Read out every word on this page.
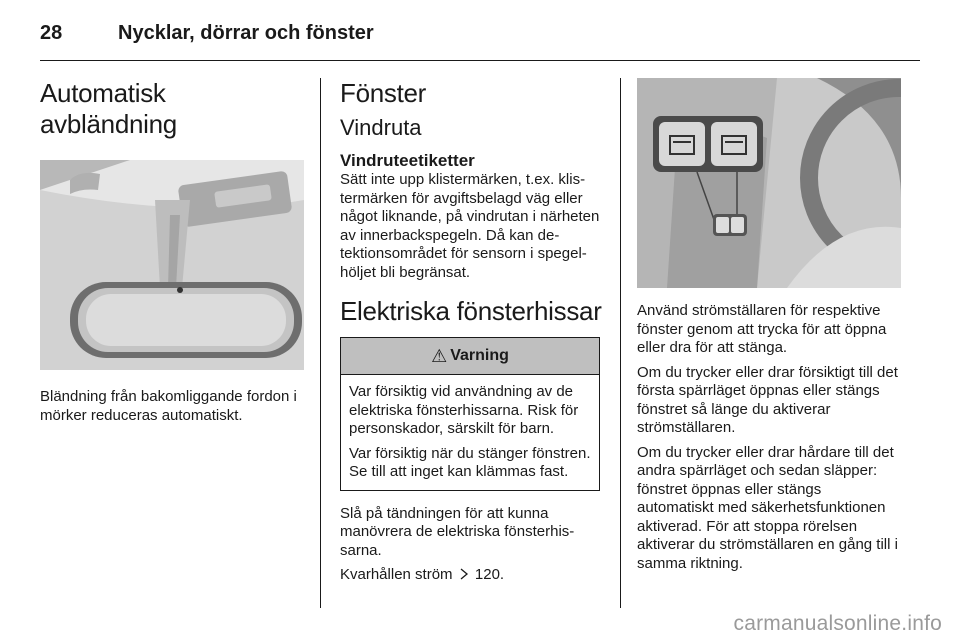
28	Nycklar, dörrar och fönster
Automatisk avbländning

Bländning från bakomliggande fordon i mörker reduceras automatiskt.

Fönster
Vindruta
Vindruteetiketter

Sätt inte upp klistermärken, t.ex. klistermärken för avgiftsbelagd väg eller något liknande, på vindrutan i närheten av innerbackspegeln. Då kan detektionsområdet för sensorn i spegelhöljet bli begränsat.

Elektriska fönsterhissar
⚠ Varning

Var försiktig vid användning av de elektriska fönsterhissarna. Risk för personskador, särskilt för barn.

Var försiktig när du stänger fönstren. Se till att inget kan klämmas fast.

Slå på tändningen för att kunna manövrera de elektriska fönsterhissarna.

Kvarhållen ström 120.

Använd strömställaren för respektive fönster genom att trycka för att öppna eller dra för att stänga.

Om du trycker eller drar försiktigt till det första spärrläget öppnas eller stängs fönstret så länge du aktiverar strömställaren.

Om du trycker eller drar hårdare till det andra spärrläget och sedan släpper: fönstret öppnas eller stängs automatiskt med säkerhetsfunktionen aktiverad. För att stoppa rörelsen aktiverar du strömställaren en gång till i samma riktning.

carmanualsonline.info
